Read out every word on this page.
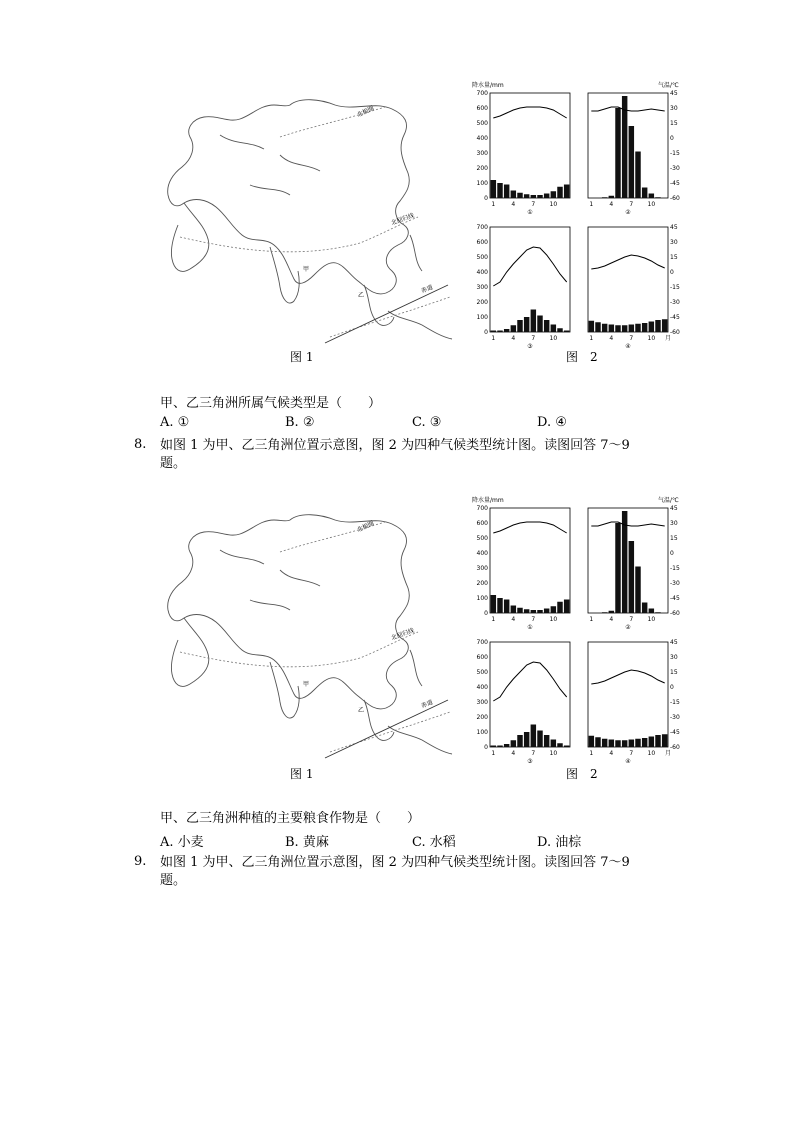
北极圈
北回归线
赤道
甲
乙
700
600
500
400
300
200
100
0
降水量/mm
1	4	7 10
①
45
30
15
0
-15
-30
-45
-60
气温/℃
1	4	7 10
②
700
600
500
400
300
200
100
0
1	4	7 10
③
45
30
15
0
-15
-30
-45
-60
1	4	7 10 月
④
图 1	图　2
甲、乙三角洲所属气候类型是（　　）
A. ①	B. ②	C. ③	D. ④
8. 如图 1 为甲、乙三角洲位置示意图，图 2 为四种气候类型统计图。读图回答 7～9
题。
北极圈
北回归线
赤道
甲
乙
700
600
500
400
300
200
100
0
降水量/mm
1	4	7 10
①
45
30
15
0
-15
-30
-45
-60
气温/℃
1	4	7 10
②
700
600
500
400
300
200
100
0
1	4	7 10
③
45
30
15
0
-15
-30
-45
-60
1	4	7 10 月
④
图 1	图　2
甲、乙三角洲种植的主要粮食作物是（　　）
A. 小麦	B. 黄麻	C. 水稻	D. 油棕
9. 如图 1 为甲、乙三角洲位置示意图，图 2 为四种气候类型统计图。读图回答 7～9
题。
